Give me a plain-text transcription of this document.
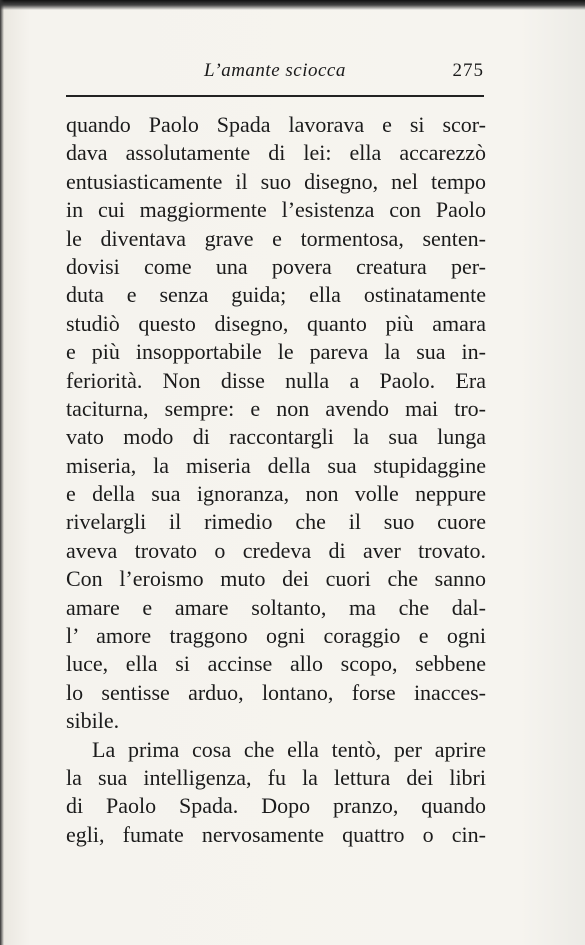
L’amante sciocca	275
quando Paolo Spada lavorava e si scor-
dava assolutamente di lei: ella accarezzò
entusiasticamente il suo disegno, nel tempo
in cui maggiormente l’esistenza con Paolo
le diventava grave e tormentosa, senten-
dovisi come una povera creatura per-
duta e senza guida; ella ostinatamente
studiò questo disegno, quanto più amara
e più insopportabile le pareva la sua in-
feriorità. Non disse nulla a Paolo. Era
taciturna, sempre: e non avendo mai tro-
vato modo di raccontargli la sua lunga
miseria, la miseria della sua stupidaggine
e della sua ignoranza, non volle neppure
rivelargli il rimedio che il suo cuore
aveva trovato o credeva di aver trovato.
Con l’eroismo muto dei cuori che sanno
amare e amare soltanto, ma che dal-
l’ amore traggono ogni coraggio e ogni
luce, ella si accinse allo scopo, sebbene
lo sentisse arduo, lontano, forse inacces-
sibile.
La prima cosa che ella tentò, per aprire
la sua intelligenza, fu la lettura dei libri
di Paolo Spada. Dopo pranzo, quando
egli, fumate nervosamente quattro o cin-
